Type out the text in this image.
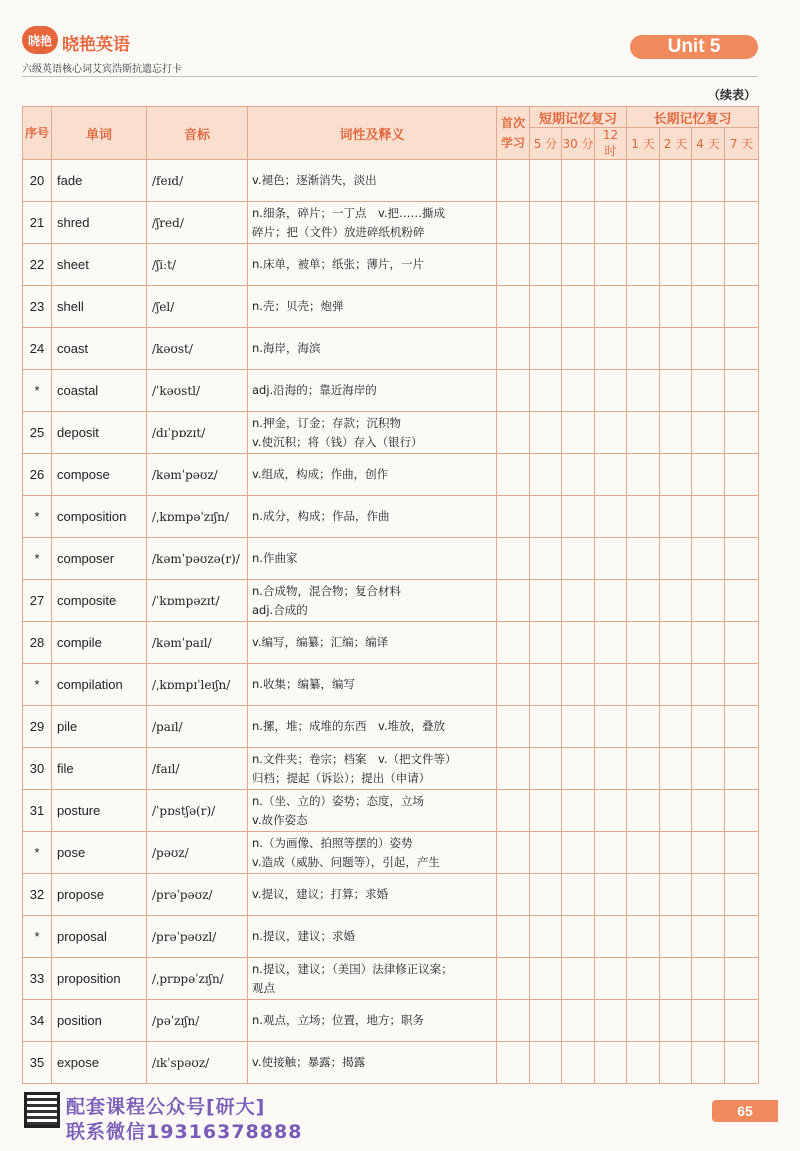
晓艳 晓艳英语
六级英语核心词艾宾浩斯抗遗忘打卡
Unit 5
（续表）
序号	单词	音标	词性及释义	首次学习	短期记忆复习			长期记忆复习			
					5 分	30 分	12 时	1 天	2 天	4 天	7 天
20	fade	/feɪd/	v.褪色；逐渐消失，淡出								

21	shred	/ʃred/	n.细条，碎片；一丁点　v.把……撕成
碎片；把（文件）放进碎纸机粉碎								

22	sheet	/ʃiːt/	n.床单，被单；纸张；薄片，一片								

23	shell	/ʃel/	n.壳；贝壳；炮弹								

24	coast	/kəʊst/	n.海岸，海滨								

*	coastal	/ˈkəʊstl/	adj.沿海的；靠近海岸的								

25	deposit	/dɪˈpɒzɪt/	n.押金，订金；存款；沉积物
v.使沉积；将（钱）存入（银行）								

26	compose	/kəmˈpəʊz/	v.组成，构成；作曲，创作								

*	composition	/ˌkɒmpəˈzɪʃn/	n.成分，构成；作品，作曲								

*	composer	/kəmˈpəʊzə(r)/	n.作曲家								

27	composite	/ˈkɒmpəzɪt/	n.合成物，混合物；复合材料
adj.合成的								

28	compile	/kəmˈpaɪl/	v.编写，编纂；汇编；编译								

*	compilation	/ˌkɒmpɪˈleɪʃn/	n.收集；编纂，编写								

29	pile	/paɪl/	n.摞，堆；成堆的东西　v.堆放，叠放								

30	file	/faɪl/	n.文件夹；卷宗；档案　v.（把文件等）
归档；提起（诉讼）；提出（申请）								

31	posture	/ˈpɒstʃə(r)/	n.（坐、立的）姿势；态度，立场
v.故作姿态								

*	pose	/pəʊz/	n.（为画像、拍照等摆的）姿势
v.造成（威胁、问题等），引起，产生								

32	propose	/prəˈpəʊz/	v.提议，建议；打算；求婚								

*	proposal	/prəˈpəʊzl/	n.提议，建议；求婚								

33	proposition	/ˌprɒpəˈzɪʃn/	n.提议，建议；（美国）法律修正议案；
观点								

34	position	/pəˈzɪʃn/	n.观点，立场；位置，地方；职务								

35	expose	/ɪkˈspəʊz/	v.使接触；暴露；揭露								

配套课程公众号[研大]
联系微信19316378888
65
